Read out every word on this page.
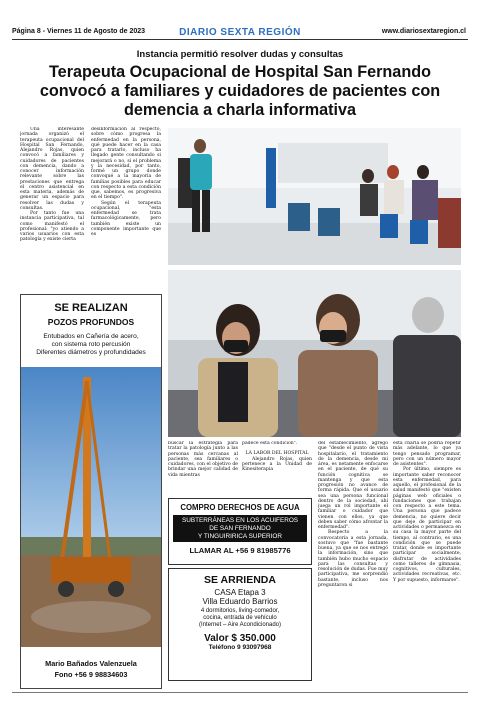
Página 8 - Viernes 11 de Agosto de 2023	DIARIO SEXTA REGIÓN	www.diariosextaregion.cl
Instancia permitió resolver dudas y consultas
Terapeuta Ocupacional de Hospital San Fernando convocó a familiares y cuidadores de pacientes con demencia a charla informativa

Una interesante jornada organizó el terapeuta ocupacional del Hospital San Fernando, Alejandro Rojas, quien convocó a familiares y cuidadores de pacientes con demencia, dando a conocer información relevante sobre las prestaciones que entrega el centro asistencial en esta materia, además de generar un espacio para resolver las dudas y consultas.

Por tanto fue una instancia participativa, tal como manifestó el profesional: "yo atiendo a varios usuarios con esta patología y existe cierta

desinformación al respecto, sobre cómo progresa la enfermedad en la persona, qué puede hacer en la casa para tratarlo, incluso ha llegado gente consultando si mejorará o no, si el problema y la necesidad, por tanto, formé un grupo donde convoqué a la mayoría de familias posibles para educar con respecto a esta condición que, sabemos, es progresiva en el tiempo".

Según el terapeuta ocupacional, "esta enfermedad se trata farmacológicamente, pero también existe un componente importante que es

SE REALIZAN
POZOS PROFUNDOS
Entubados en Cañería de acero,
con sistema roto percusión
Diferentes diámetros y profundidades
Mario Bañados Valenzuela
Fono +56 9 98834603

buscar la estrategia para tratar la patología junto a las personas más cercanas al paciente, sea familiares o cuidadores, con el objetivo de brindar una mejor calidad de vida mientras

padece esta condición".

LA LABOR DEL HOSPITAL

Alejandro Rojas, quien pertenece a la Unidad de Kinesiterapia

COMPRO DERECHOS DE AGUA
SUBTERRÁNEAS EN LOS ACUIFEROS
DE SAN FERNANDO
Y TINGUIRIRICA SUPERIOR
LLAMAR AL +56 9 81985776
SE ARRIENDA
CASA Etapa 3
Villa Eduardo Barrios
4 dormitorios, living-comedor,
cocina, entrada de vehículo
(Internet – Aire Acondicionado)
Valor $ 350.000
Teléfono 9 93097968

del establecimiento, agregó que "desde el punto de vista hospitalario, el tratamiento de la demencia, desde mi área, es netamente enfocarse en el paciente, de qué su función cognitiva se mantenga y que esta progresión no avance de forma rápida. Que el usuario sea una persona funcional dentro de la sociedad, ahí juega un rol importante el familiar o cuidador que vienen con ellos, ya que deben saber cómo afrontar la enfermedad".

Respecto a la convocatoria a esta jornada, sostuvo que "fue bastante buena, ya que se nos entregó la información, sino que también hubo mucho espacio para las consultas y resolución de dudas. Fue muy participativa, me sorprendió bastante, incluso nos preguntaron si

esta charla se podría repetir más adelante, lo que ya tengo pensado programar, pero con un número mayor de asistentes".

Por último, siempre es importante saber reconocer esta enfermedad, para aquello, el profesional de la salud manifestó que "existen páginas web oficiales o fundaciones que trabajan con respecto a este tema. Una persona que padece demencia, no quiere decir que deje de participar en actividades o permanezca en su casa la mayor parte del tiempo, al contrario, es una condición que se puede tratar, donde es importante participar socialmente, disfrutar de actividades como talleres de gimnasia, cognitivos, culturales, actividades recreativas, etc. Y por supuesto, informarse".
